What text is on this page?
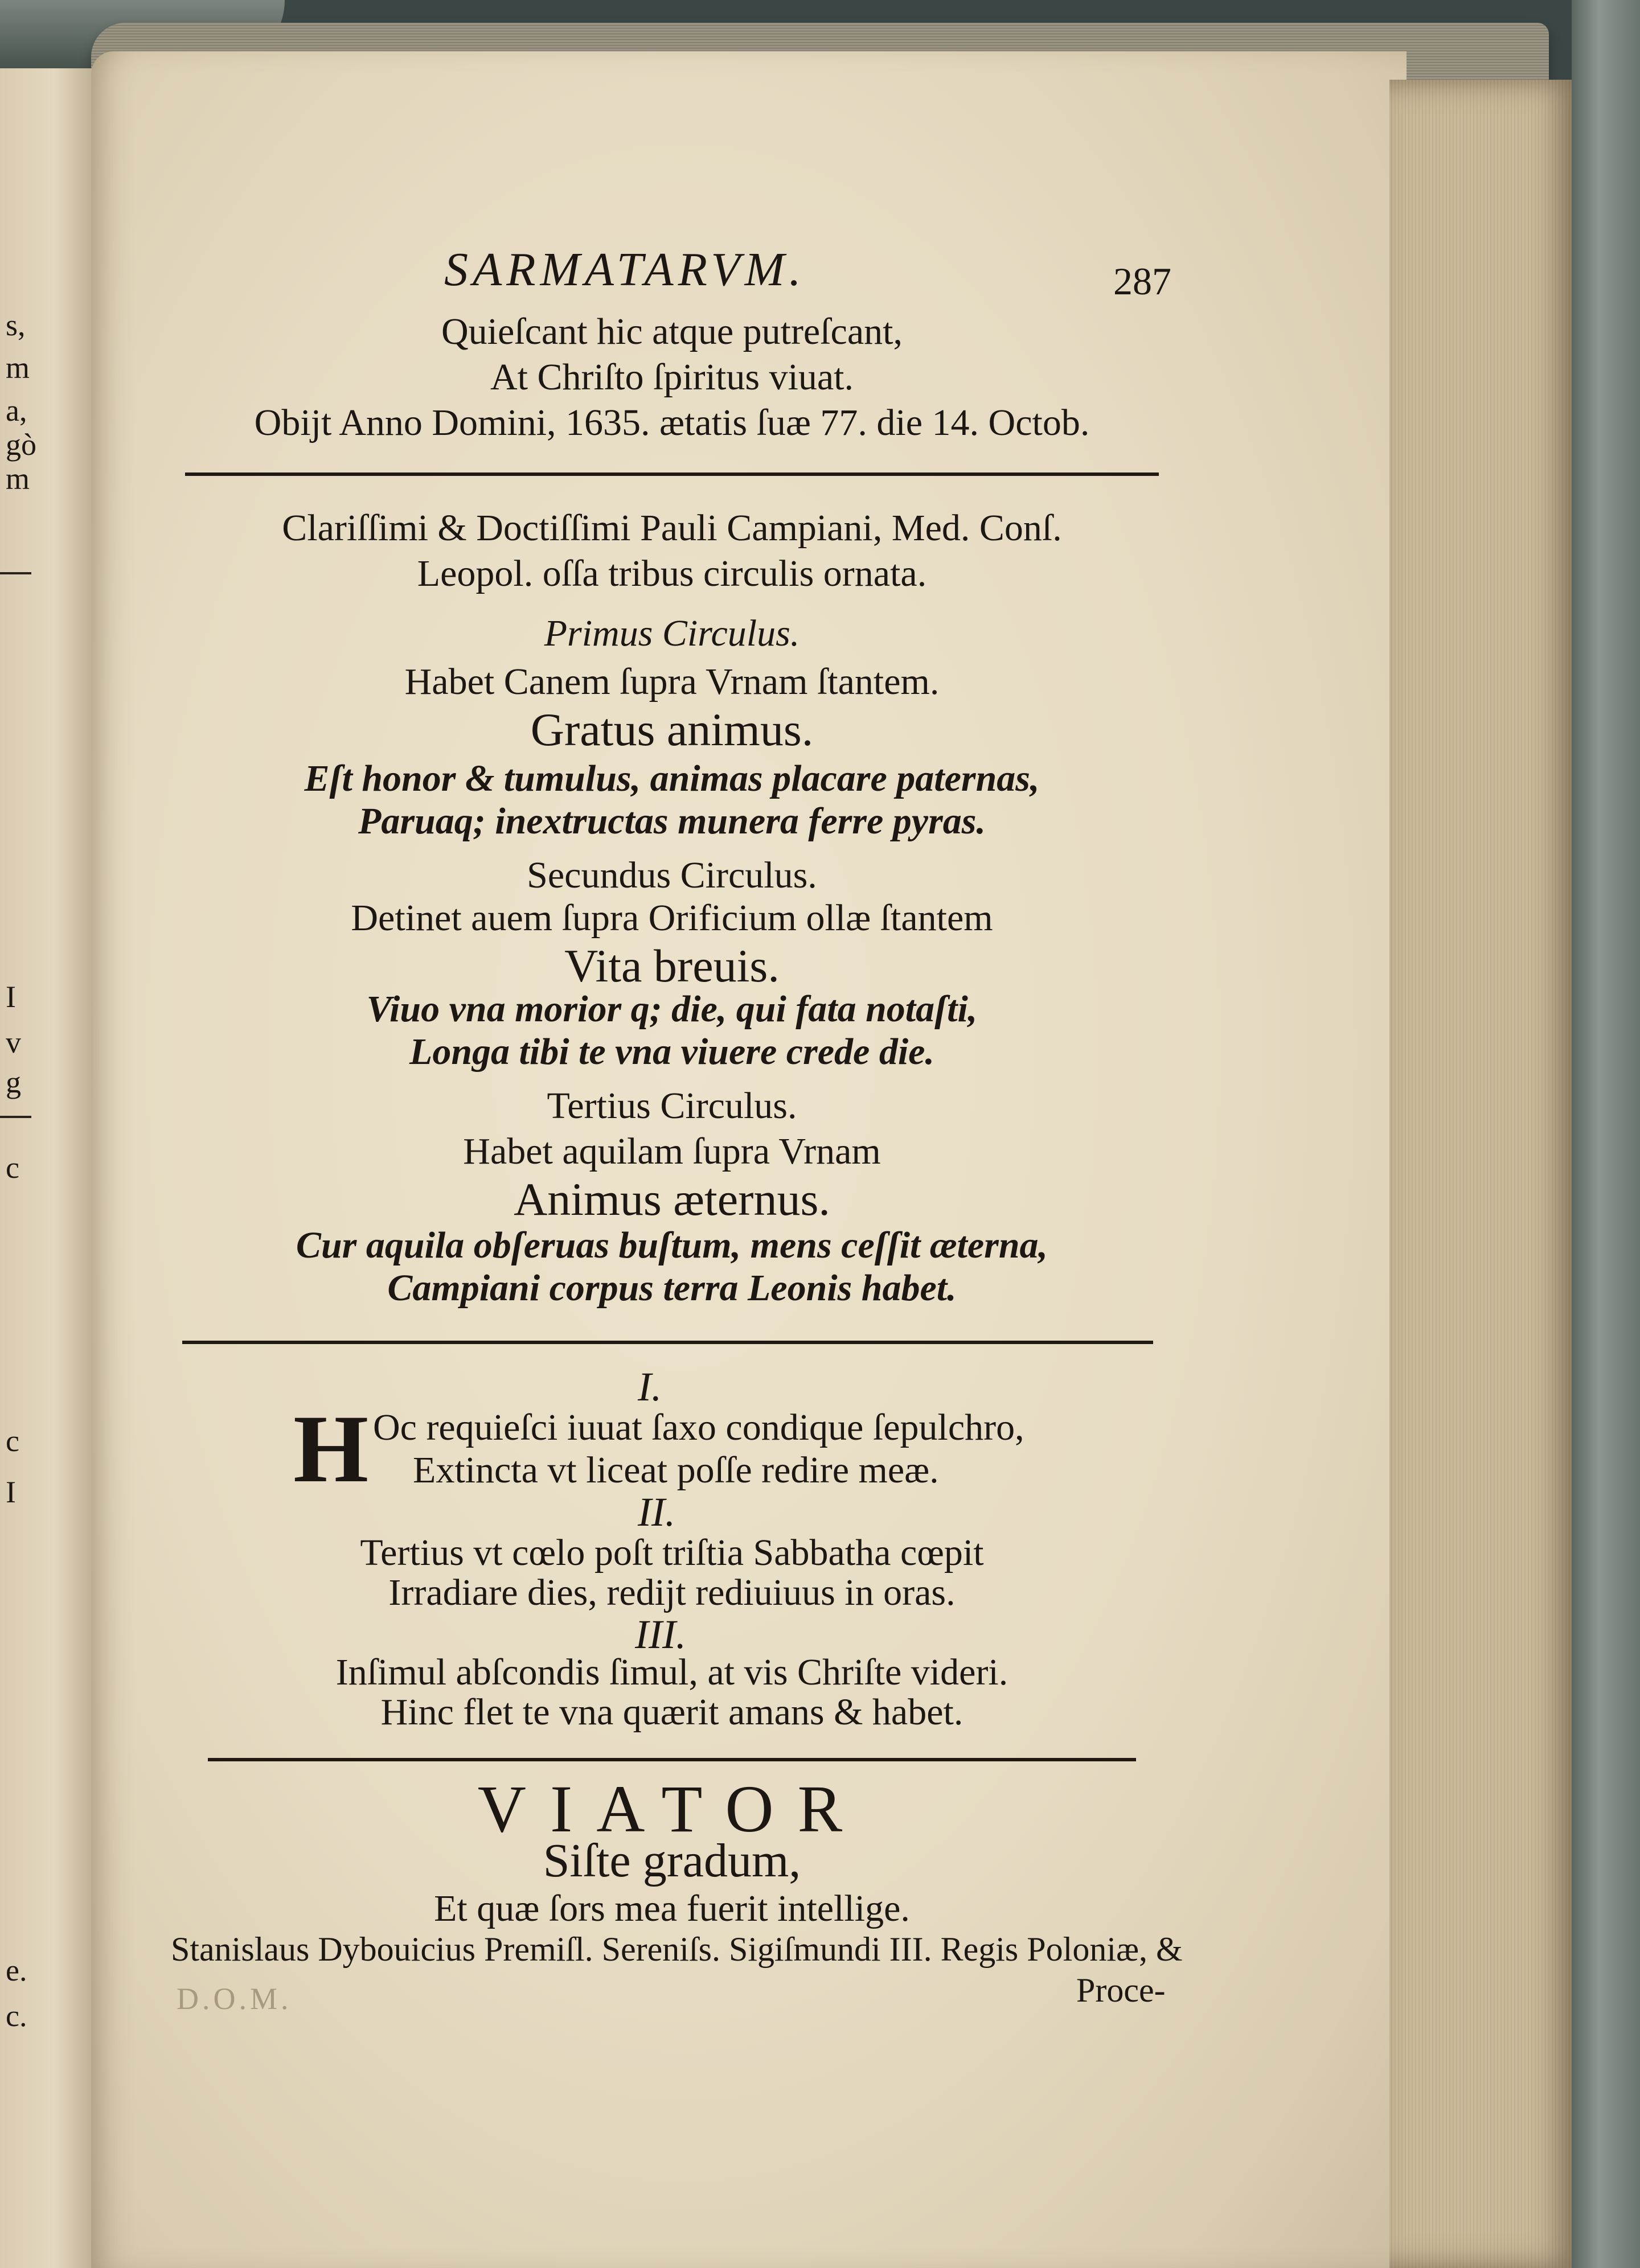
s,
m
a,
gò
m
I
v
g
c
c
I
e.
c.
SARMATARVM.	287
Quieſcant hic atque putreſcant,
At Chriſto ſpiritus viuat.
Obijt Anno Domini, 1635. ætatis ſuæ 77. die 14. Octob.
Clariſſimi & Doctiſſimi Pauli Campiani, Med. Conſ.
Leopol. oſſa tribus circulis ornata.
Primus Circulus.
Habet Canem ſupra Vrnam ſtantem.
Gratus animus.
Eſt honor & tumulus, animas placare paternas,
Paruaq; inextructas munera ferre pyras.
Secundus Circulus.
Detinet auem ſupra Orificium ollæ ſtantem
Vita breuis.
Viuo vna morior q; die, qui fata notaſti,
Longa tibi te vna viuere crede die.
Tertius Circulus.
Habet aquilam ſupra Vrnam
Animus æternus.
Cur aquila obſeruas buſtum, mens ceſſit æterna,
Campiani corpus terra Leonis habet.
I.
H Oc requieſci iuuat ſaxo condique ſepulchro,
Extincta vt liceat poſſe redire meæ.
II.
Tertius vt cœlo poſt triſtia Sabbatha cœpit
Irradiare dies, redijt rediuiuus in oras.
III.
Inſimul abſcondis ſimul, at vis Chriſte videri.
Hinc flet te vna quærit amans & habet.
VIATOR
Siſte gradum,
Et quæ ſors mea fuerit intellige.
Stanislaus Dybouicius Premiſl. Sereniſs. Sigiſmundi III. Regis Poloniæ, &
D.O.M.	Proce-
